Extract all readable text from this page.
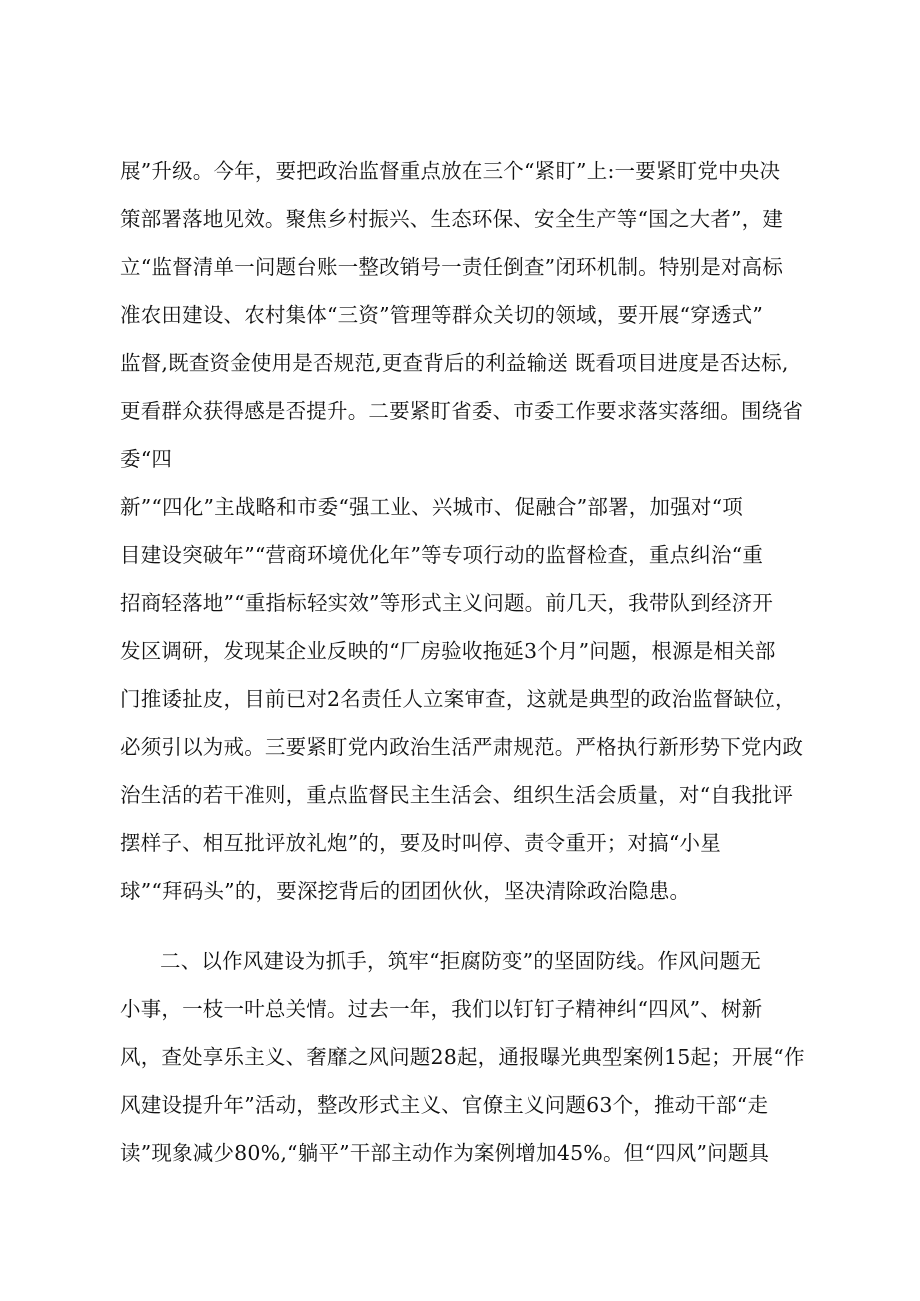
展”升级。今年，要把政治监督重点放在三个“紧盯”上:一要紧盯党中央决
策部署落地见效。聚焦乡村振兴、生态环保、安全生产等“国之大者”，建
立“监督清单一问题台账一整改销号一责任倒查”闭环机制。特别是对高标
准农田建设、农村集体“三资”管理等群众关切的领域，要开展“穿透式”
监督,既查资金使用是否规范,更查背后的利益输送 既看项目进度是否达标,
更看群众获得感是否提升。二要紧盯省委、市委工作要求落实落细。围绕省
委“四
新”“四化”主战略和市委“强工业、兴城市、促融合”部署，加强对“项
目建设突破年”“营商环境优化年”等专项行动的监督检查，重点纠治“重
招商轻落地”“重指标轻实效”等形式主义问题。前几天，我带队到经济开
发区调研，发现某企业反映的“厂房验收拖延3个月”问题，根源是相关部
门推诿扯皮，目前已对2名责任人立案审查，这就是典型的政治监督缺位，
必须引以为戒。三要紧盯党内政治生活严肃规范。严格执行新形势下党内政
治生活的若干准则，重点监督民主生活会、组织生活会质量，对“自我批评
摆样子、相互批评放礼炮”的，要及时叫停、责令重开；对搞“小星
球”“拜码头”的，要深挖背后的团团伙伙，坚决清除政治隐患。
二、以作风建设为抓手，筑牢“拒腐防变”的坚固防线。作风问题无
小事，一枝一叶总关情。过去一年，我们以钉钉子精神纠“四风”、树新
风，查处享乐主义、奢靡之风问题28起，通报曝光典型案例15起；开展“作
风建设提升年”活动，整改形式主义、官僚主义问题63个，推动干部“走
读”现象减少80%,“躺平”干部主动作为案例增加45%。但“四风”问题具
